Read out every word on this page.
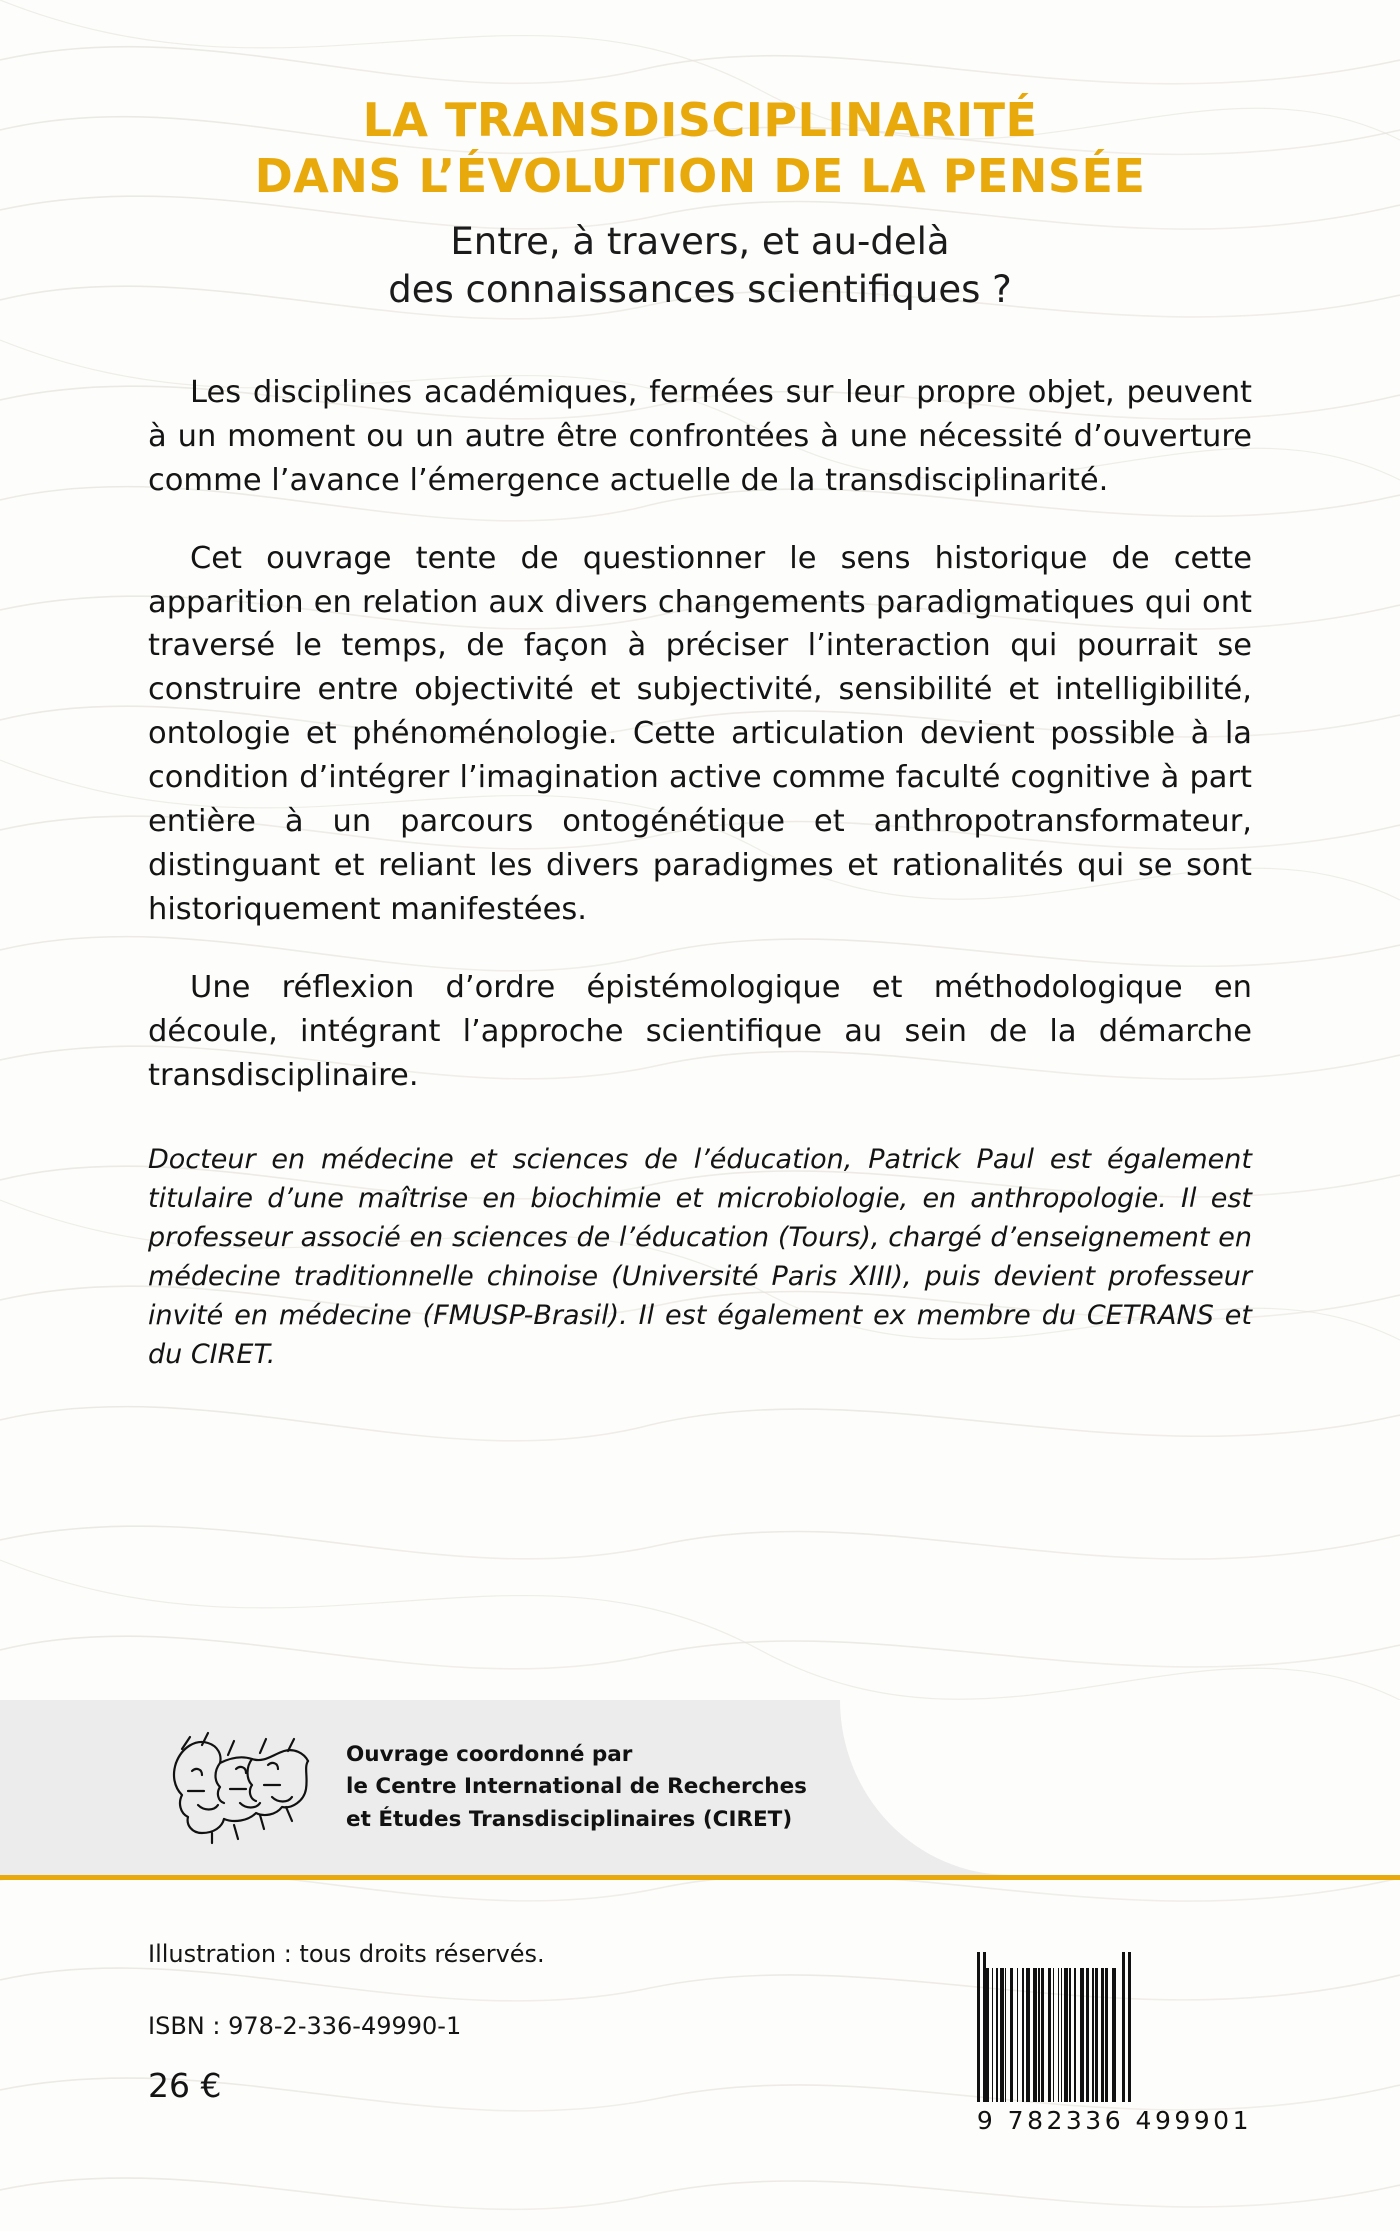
LA TRANSDISCIPLINARITÉ
DANS L’ÉVOLUTION DE LA PENSÉE
Entre, à travers, et au-delà
des connaissances scientifiques ?

Les disciplines académiques, fermées sur leur propre objet, peuvent à un moment ou un autre être confrontées à une nécessité d’ouverture comme l’avance l’émergence actuelle de la transdisciplinarité.

Cet ouvrage tente de questionner le sens historique de cette apparition en relation aux divers changements paradigmatiques qui ont traversé le temps, de façon à préciser l’interaction qui pourrait se construire entre objectivité et subjectivité, sensibilité et intelligibilité, ontologie et phénoménologie. Cette articulation devient possible à la condition d’intégrer l’imagination active comme faculté cognitive à part entière à un parcours ontogénétique et anthropotransformateur, distinguant et reliant les divers paradigmes et rationalités qui se sont historiquement manifestées.

Une réflexion d’ordre épistémologique et méthodologique en découle, intégrant l’approche scientifique au sein de la démarche transdisciplinaire.

Docteur en médecine et sciences de l’éducation, Patrick Paul est également titulaire d’une maîtrise en biochimie et microbiologie, en anthropologie. Il est professeur associé en sciences de l’éducation (Tours), chargé d’enseignement en médecine traditionnelle chinoise (Université Paris XIII), puis devient professeur invité en médecine (FMUSP-Brasil). Il est également ex membre du CETRANS et du CIRET.

Ouvrage coordonné par
le Centre International de Recherches
et Études Transdisciplinaires (CIRET)
Illustration : tous droits réservés.
ISBN : 978-2-336-49990-1
26 €
9 782336 499901
